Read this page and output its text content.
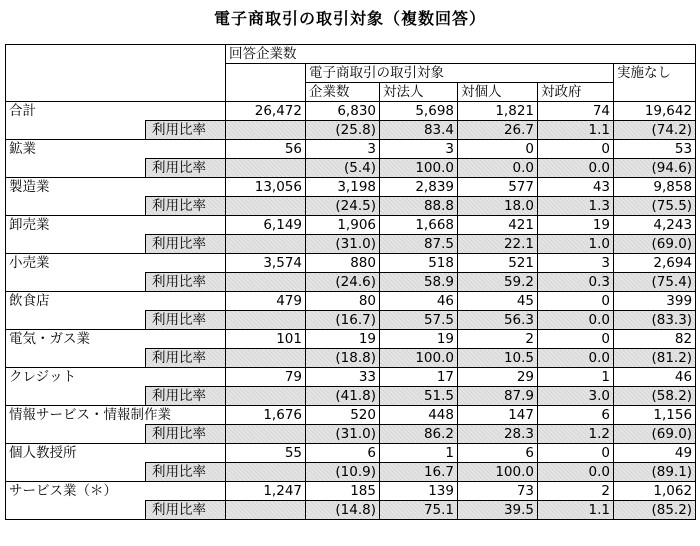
電子商取引の取引対象（複数回答）
		回答企業数					
			電子商取引の取引対象				実施なし
			企業数	対法人	対個人	対政府	
合計		26,472	6,830	5,698	1,821	74	19,642
	利用比率		(25.8)	83.4	26.7	1.1	(74.2)
鉱業		56	3	3	0	0	53
	利用比率		(5.4)	100.0	0.0	0.0	(94.6)
製造業		13,056	3,198	2,839	577	43	9,858
	利用比率		(24.5)	88.8	18.0	1.3	(75.5)
卸売業		6,149	1,906	1,668	421	19	4,243
	利用比率		(31.0)	87.5	22.1	1.0	(69.0)
小売業		3,574	880	518	521	3	2,694
	利用比率		(24.6)	58.9	59.2	0.3	(75.4)
飲食店		479	80	46	45	0	399
	利用比率		(16.7)	57.5	56.3	0.0	(83.3)
電気・ガス業		101	19	19	2	0	82
	利用比率		(18.8)	100.0	10.5	0.0	(81.2)
クレジット		79	33	17	29	1	46
	利用比率		(41.8)	51.5	87.9	3.0	(58.2)
情報サービス・情報制作業		1,676	520	448	147	6	1,156
	利用比率		(31.0)	86.2	28.3	1.2	(69.0)
個人教授所		55	6	1	6	0	49
	利用比率		(10.9)	16.7	100.0	0.0	(89.1)
サービス業（＊）		1,247	185	139	73	2	1,062
	利用比率		(14.8)	75.1	39.5	1.1	(85.2)
